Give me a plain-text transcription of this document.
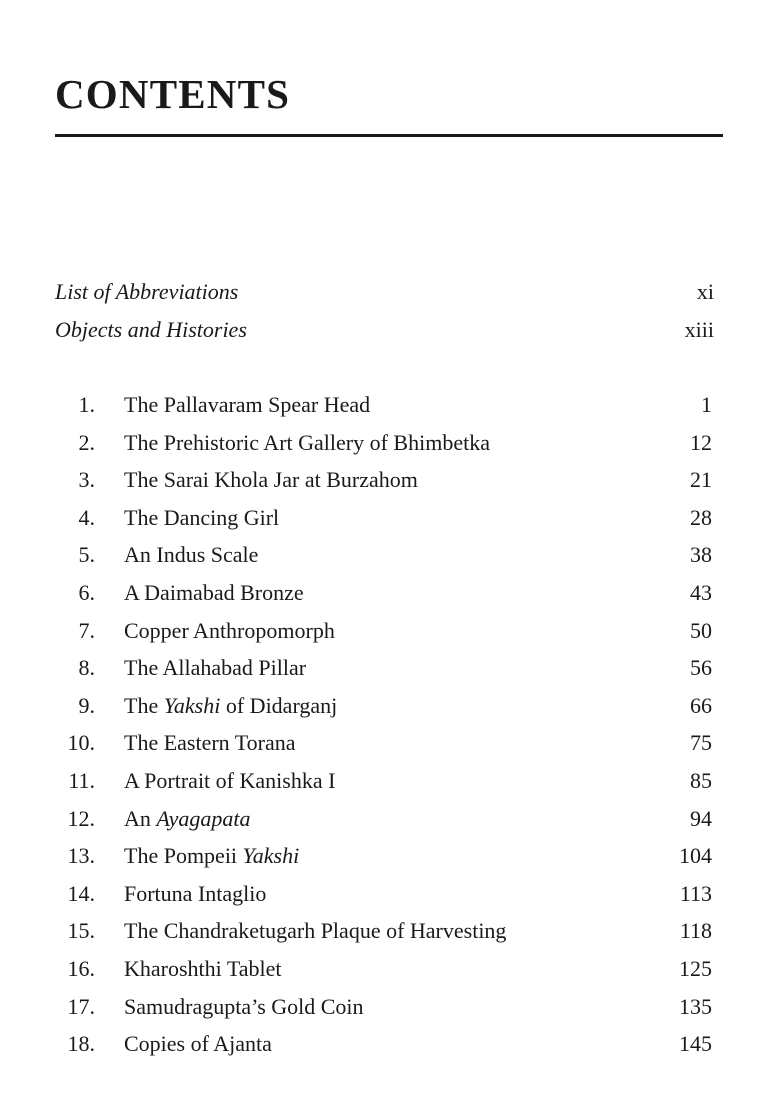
CONTENTS
List of Abbreviations	xi
Objects and Histories	xiii
1. The Pallavaram Spear Head	1
2. The Prehistoric Art Gallery of Bhimbetka	12
3. The Sarai Khola Jar at Burzahom	21
4. The Dancing Girl	28
5. An Indus Scale	38
6. A Daimabad Bronze	43
7. Copper Anthropomorph	50
8. The Allahabad Pillar	56
9. The Yakshi of Didarganj	66
10. The Eastern Torana	75
11. A Portrait of Kanishka I	85
12. An Ayagapata	94
13. The Pompeii Yakshi	104
14. Fortuna Intaglio	113
15. The Chandraketugarh Plaque of Harvesting	118
16. Kharoshthi Tablet	125
17. Samudragupta’s Gold Coin	135
18. Copies of Ajanta	145
